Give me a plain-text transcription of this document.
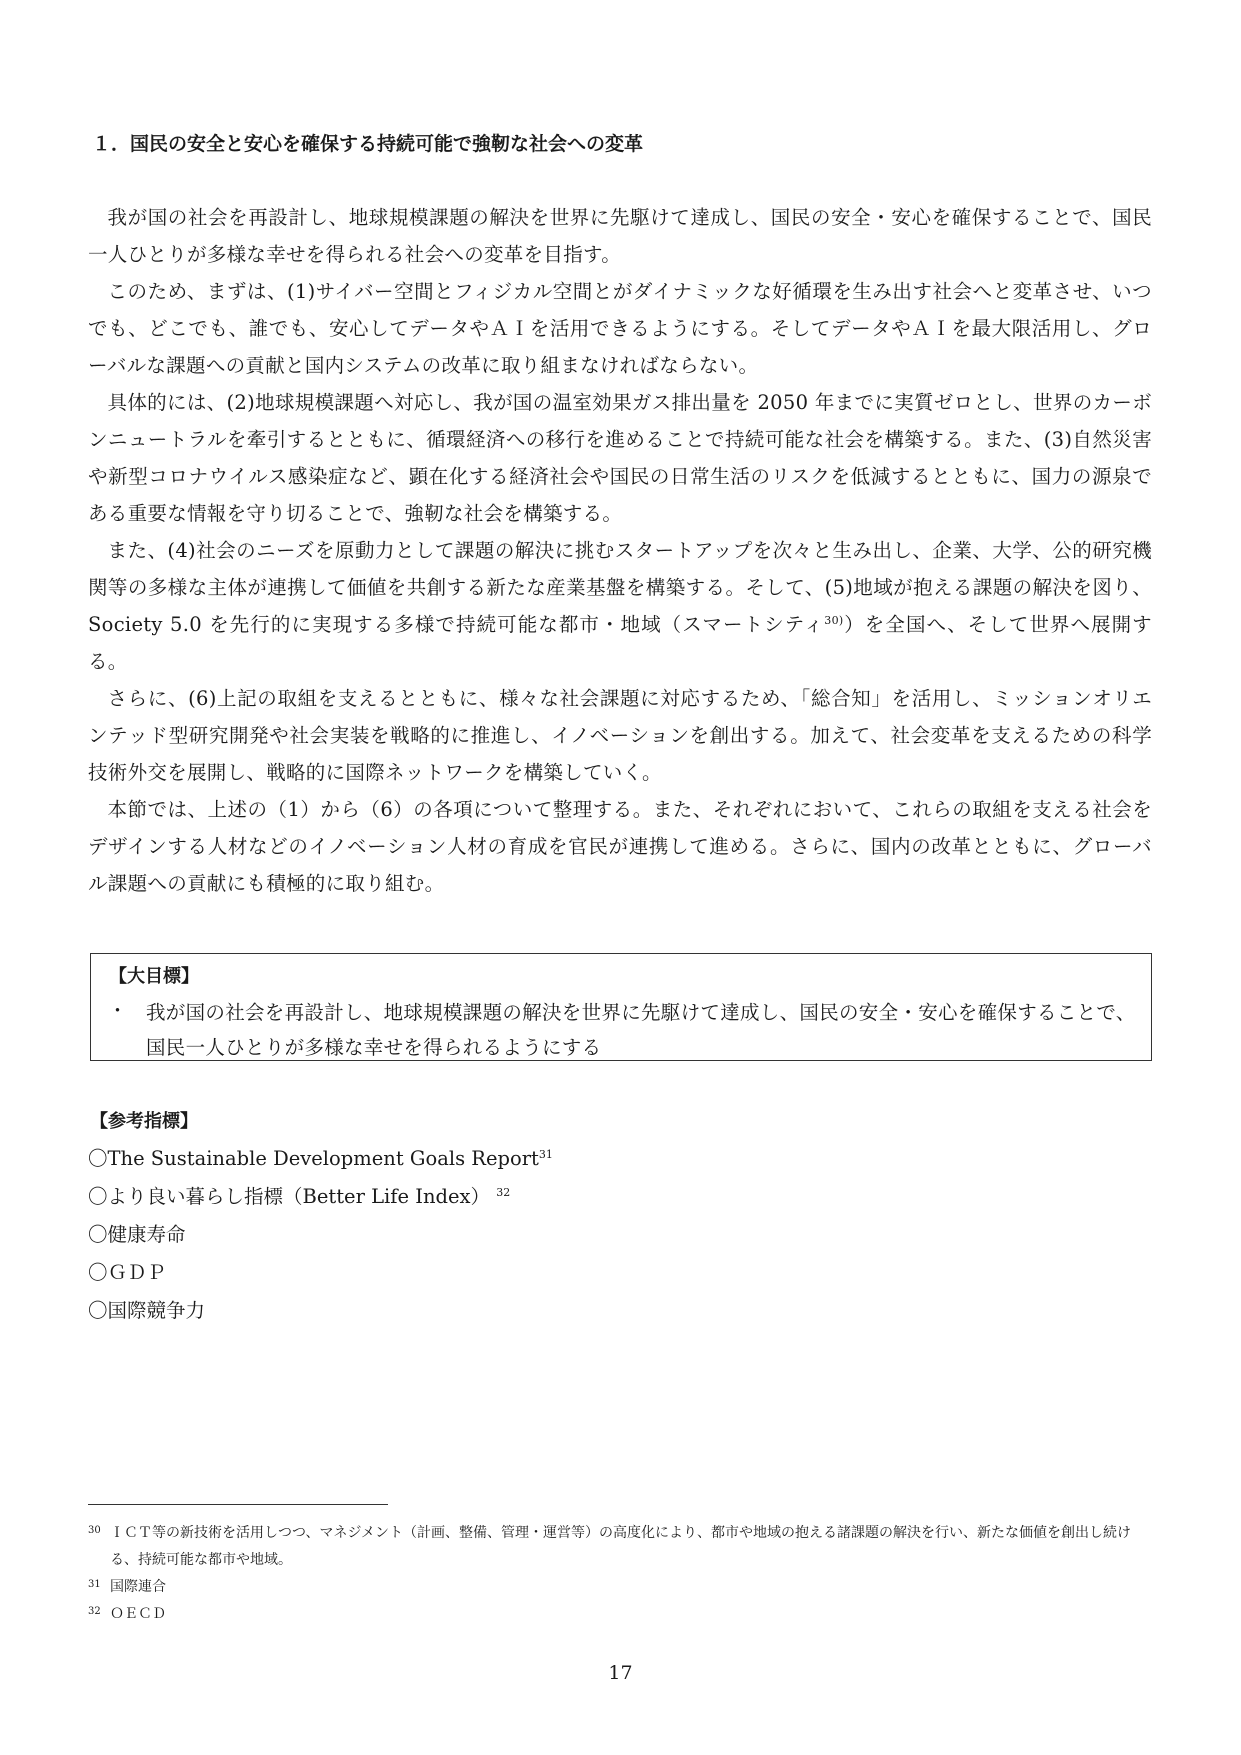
１．国民の安全と安心を確保する持続可能で強靭な社会への変革

我が国の社会を再設計し、地球規模課題の解決を世界に先駆けて達成し、国民の安全・安心を確保することで、国民一人ひとりが多様な幸せを得られる社会への変革を目指す。

このため、まずは、(1)サイバー空間とフィジカル空間とがダイナミックな好循環を生み出す社会へと変革させ、いつでも、どこでも、誰でも、安心してデータやＡＩを活用できるようにする。そしてデータやＡＩを最大限活用し、グローバルな課題への貢献と国内システムの改革に取り組まなければならない。

具体的には、(2)地球規模課題へ対応し、我が国の温室効果ガス排出量を 2050 年までに実質ゼロとし、世界のカーボンニュートラルを牽引するとともに、循環経済への移行を進めることで持続可能な社会を構築する。また、(3)自然災害や新型コロナウイルス感染症など、顕在化する経済社会や国民の日常生活のリスクを低減するとともに、国力の源泉である重要な情報を守り切ることで、強靭な社会を構築する。

また、(4)社会のニーズを原動力として課題の解決に挑むスタートアップを次々と生み出し、企業、大学、公的研究機関等の多様な主体が連携して価値を共創する新たな産業基盤を構築する。そして、(5)地域が抱える課題の解決を図り、Society 5.0 を先行的に実現する多様で持続可能な都市・地域（スマートシティ$^{30)}$）を全国へ、そして世界へ展開する。

さらに、(6)上記の取組を支えるとともに、様々な社会課題に対応するため、「総合知」を活用し、ミッションオリエンテッド型研究開発や社会実装を戦略的に推進し、イノベーションを創出する。加えて、社会変革を支えるための科学技術外交を展開し、戦略的に国際ネットワークを構築していく。

本節では、上述の（1）から（6）の各項について整理する。また、それぞれにおいて、これらの取組を支える社会をデザインする人材などのイノベーション人材の育成を官民が連携して進める。さらに、国内の改革とともに、グローバル課題への貢献にも積極的に取り組む。

【大目標】
・ 我が国の社会を再設計し、地球規模課題の解決を世界に先駆けて達成し、国民の安全・安心を確保することで、国民一人ひとりが多様な幸せを得られるようにする
【参考指標】
〇The Sustainable Development Goals Report$^{31}$
〇より良い暮らし指標（Better Life Index） $^{32}$
〇健康寿命
〇ＧＤＰ
〇国際競争力
30 ＩＣＴ等の新技術を活用しつつ、マネジメント（計画、整備、管理・運営等）の高度化により、都市や地域の抱える諸課題の解決を行い、新たな価値を創出し続ける、持続可能な都市や地域。
31 国際連合
32 ＯＥＣＤ
17
